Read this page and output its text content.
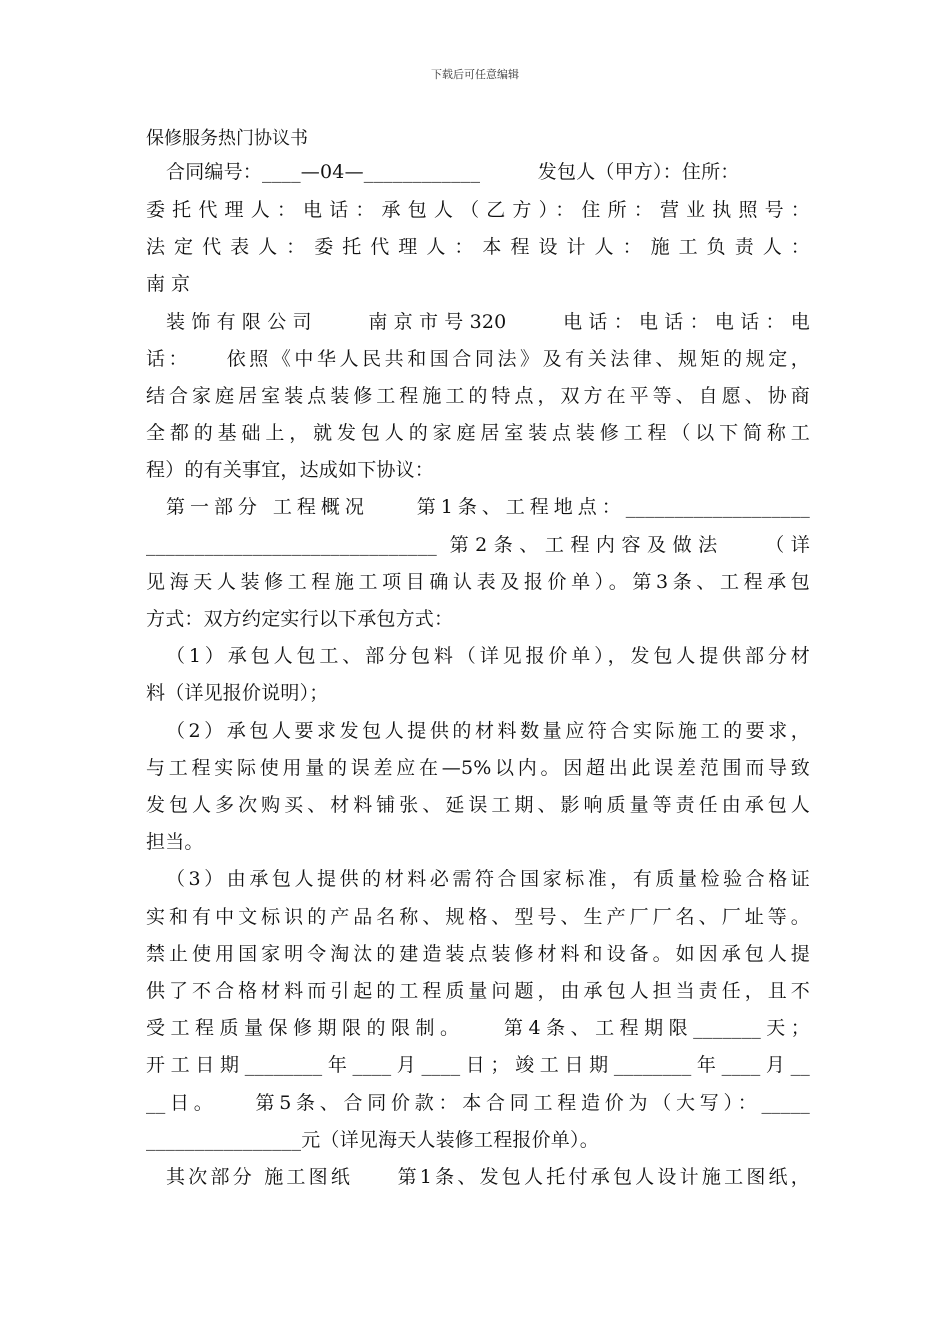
下载后可任意编辑
保修服务热门协议书
合同编号：____—04—____________　　　发包人（甲方）：住所：
委托代理人：电话：承包人（乙方）：住所：营业执照号：
法定代表人：委托代理人：本程设计人：施工负责人：
南京
装饰有限公司　　南京市号320　　电话：电话：电话：电
话：　　依照《中华人民共和国合同法》及有关法律、规矩的规定，
结合家庭居室装点装修工程施工的特点，双方在平等、自愿、协商
全都的基础上，就发包人的家庭居室装点装修工程（以下简称工
程）的有关事宜，达成如下协议：
第一部分 工程概况　　第1条、工程地点：___________________
______________________________ 第2条、工程内容及做法　　（详
见海天人装修工程施工项目确认表及报价单）。第3条、工程承包
方式：双方约定实行以下承包方式：
（1）承包人包工、部分包料（详见报价单），发包人提供部分材
料（详见报价说明）；
（2）承包人要求发包人提供的材料数量应符合实际施工的要求，
与工程实际使用量的误差应在—5%以内。因超出此误差范围而导致
发包人多次购买、材料铺张、延误工期、影响质量等责任由承包人
担当。
（3）由承包人提供的材料必需符合国家标准，有质量检验合格证
实和有中文标识的产品名称、规格、型号、生产厂厂名、厂址等。
禁止使用国家明令淘汰的建造装点装修材料和设备。如因承包人提
供了不合格材料而引起的工程质量问题，由承包人担当责任，且不
受工程质量保修期限的限制。　　第4条、工程期限_______天；
开工日期________年____月____日；竣工日期________年____月__
__日。　　第5条、合同价款：本合同工程造价为（大写）：_____
________________元（详见海天人装修工程报价单）。
其次部分 施工图纸　　第1条、发包人托付承包人设计施工图纸，
